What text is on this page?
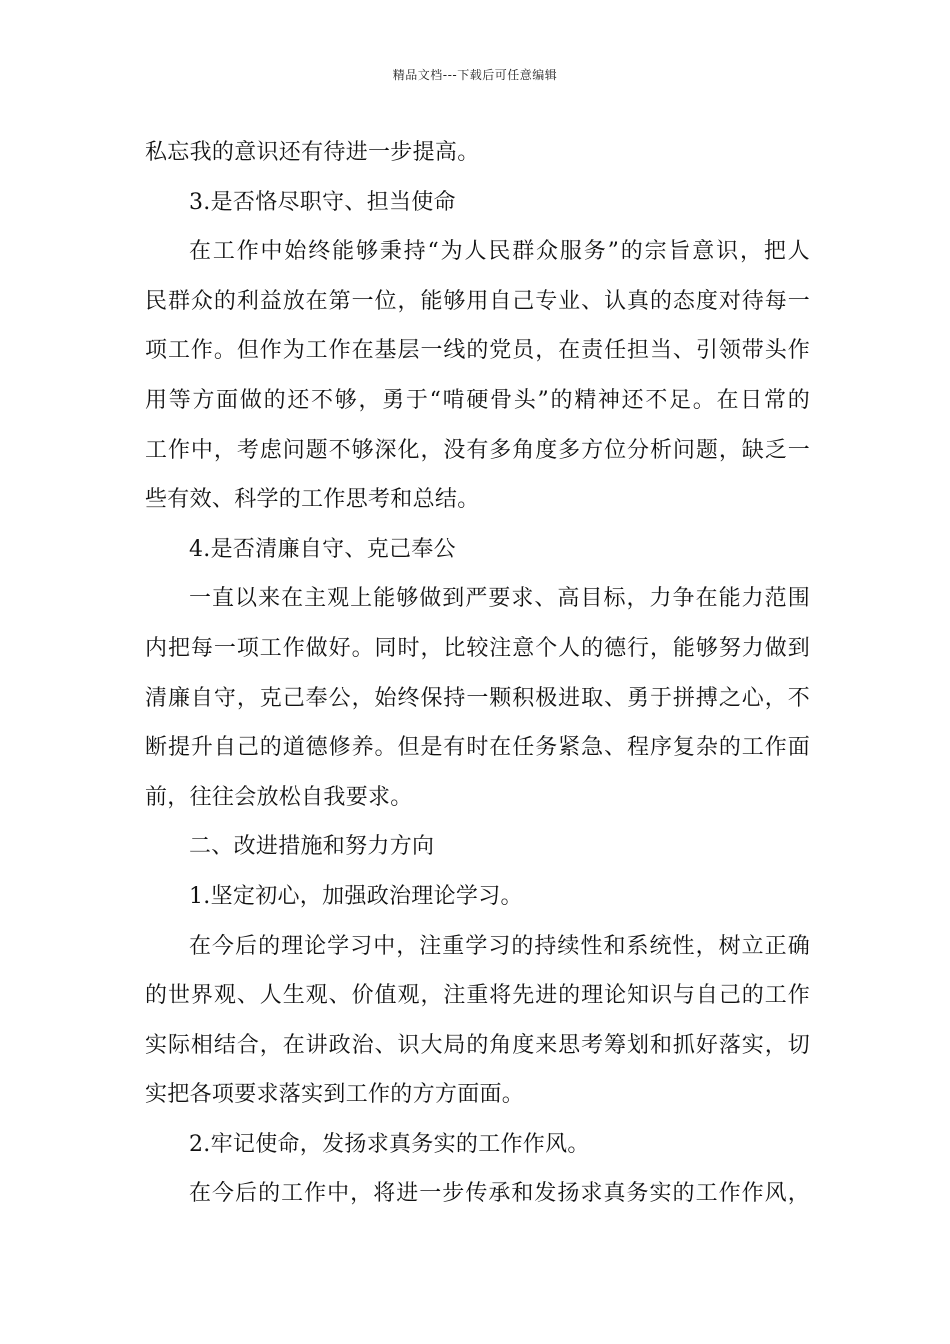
精品文档---下载后可任意编辑
私忘我的意识还有待进一步提高。
3.是否恪尽职守、担当使命
在工作中始终能够秉持“为人民群众服务”的宗旨意识，把人
民群众的利益放在第一位，能够用自己专业、认真的态度对待每一
项工作。但作为工作在基层一线的党员，在责任担当、引领带头作
用等方面做的还不够，勇于“啃硬骨头”的精神还不足。在日常的
工作中，考虑问题不够深化，没有多角度多方位分析问题，缺乏一
些有效、科学的工作思考和总结。
4.是否清廉自守、克己奉公
一直以来在主观上能够做到严要求、高目标，力争在能力范围
内把每一项工作做好。同时，比较注意个人的德行，能够努力做到
清廉自守，克己奉公，始终保持一颗积极进取、勇于拼搏之心，不
断提升自己的道德修养。但是有时在任务紧急、程序复杂的工作面
前，往往会放松自我要求。
二、改进措施和努力方向
1.坚定初心，加强政治理论学习。
在今后的理论学习中，注重学习的持续性和系统性，树立正确
的世界观、人生观、价值观，注重将先进的理论知识与自己的工作
实际相结合，在讲政治、识大局的角度来思考筹划和抓好落实，切
实把各项要求落实到工作的方方面面。
2.牢记使命，发扬求真务实的工作作风。
在今后的工作中，将进一步传承和发扬求真务实的工作作风，
